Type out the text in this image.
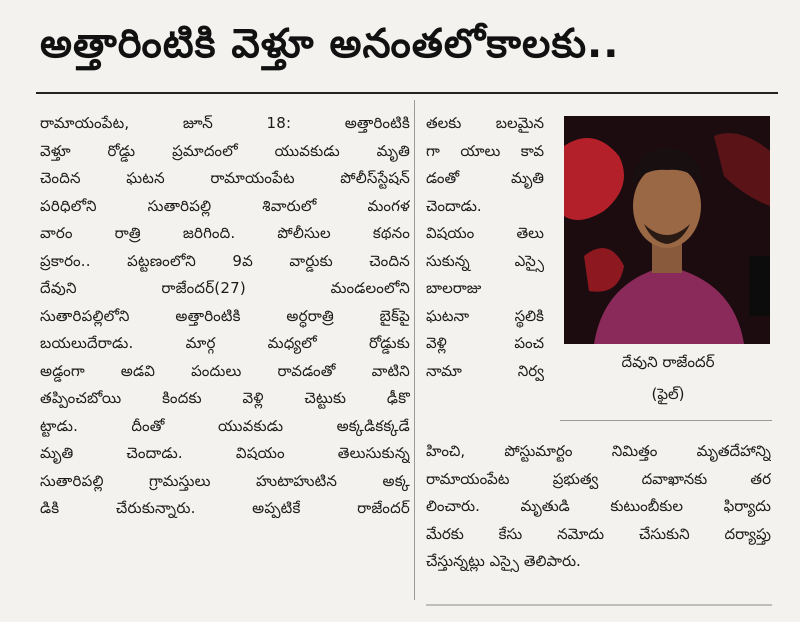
అత్తారింటికి వెళ్తూ అనంతలోకాలకు..
రామాయంపేట, జూన్ 18: అత్తారింటికి
వెళ్తూ రోడ్డు ప్రమాదంలో యువకుడు మృతి
చెందిన ఘటన రామాయంపేట పోలీస్‌స్టేషన్
పరిధిలోని సుతారిపల్లి శివారులో మంగళ
వారం రాత్రి జరిగింది. పోలీసుల కథనం
ప్రకారం.. పట్టణంలోని 9వ వార్డుకు చెందిన
దేవుని రాజేందర్(27) మండలంలోని
సుతారిపల్లిలోని అత్తారింటికి అర్ధరాత్రి బైక్‌పై
బయలుదేరాడు. మార్గ మధ్యలో రోడ్డుకు
అడ్డంగా అడవి పందులు రావడంతో వాటిని
తప్పించబోయి కిందకు వెళ్లి చెట్టుకు ఢీకొ
ట్టాడు. దీంతో యువకుడు అక్కడికక్కడే
మృతి చెందాడు. విషయం తెలుసుకున్న
సుతారిపల్లి గ్రామస్తులు హుటాహుటిన అక్క
డికి చేరుకున్నారు. అప్పటికే రాజేందర్
తలకు బలమైన
గా యాలు కావ
డంతో మృతి
చెందాడు.
విషయం తెలు
సుకున్న ఎస్సై
బాలరాజు
ఘటనా స్థలికి
వెళ్లి పంచ
నామా నిర్వ	దేవుని రాజేందర్
(ఫైల్)
హించి, పోస్టుమార్టం నిమిత్తం మృతదేహాన్ని
రామాయంపేట ప్రభుత్వ దవాఖానకు తర
లించారు. మృతుడి కుటుంబీకుల ఫిర్యాదు
మేరకు కేసు నమోదు చేసుకుని దర్యాప్తు
చేస్తున్నట్లు ఎస్సై తెలిపారు.
